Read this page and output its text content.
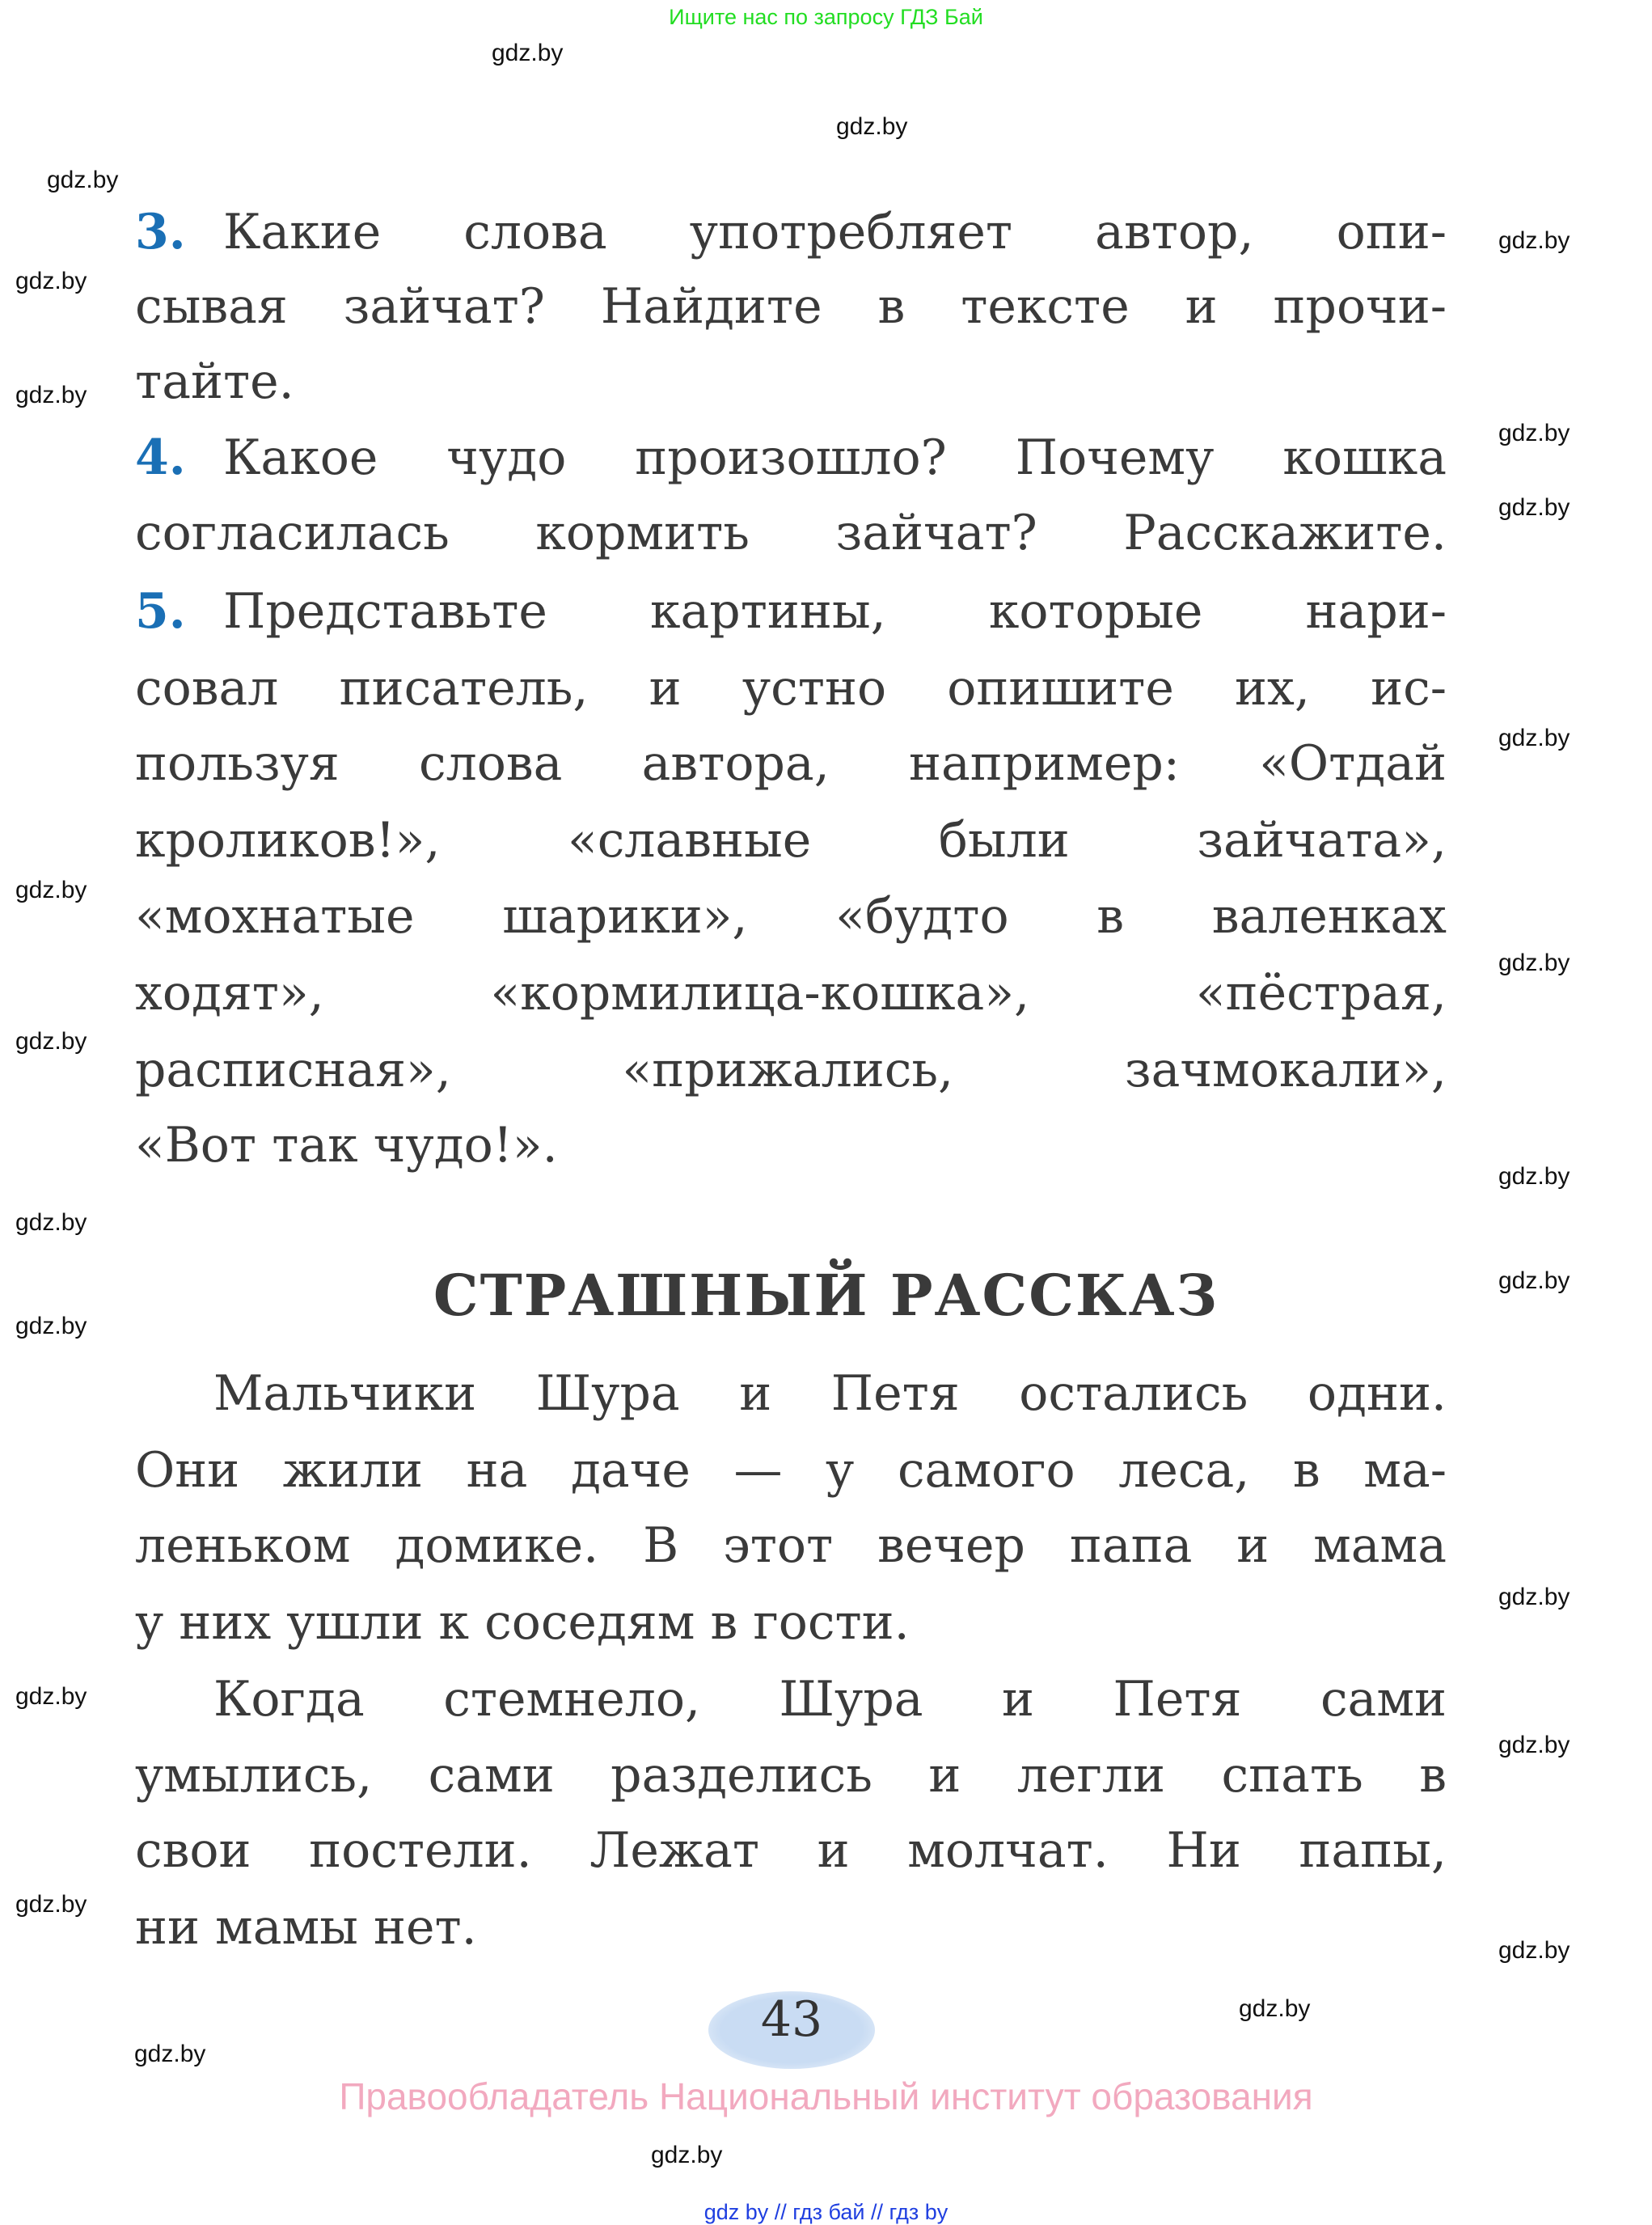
Ищите нас по запросу ГДЗ Бай
gdz.by
gdz.by
gdz.by
gdz.by
gdz.by
gdz.by
gdz.by
gdz.by
gdz.by
gdz.by
gdz.by
gdz.by
gdz.by
gdz.by
gdz.by
gdz.by
gdz.by
gdz.by
gdz.by
gdz.by
gdz.by
gdz.by
gdz.by
gdz.by
3. Какие слова употребляет автор, опи-
сывая зайчат? Найдите в тексте и прочи-
тайте.
4. Какое чудо произошло? Почему кошка
согласилась кормить зайчат? Расскажите.
5. Представьте картины, которые нари-
совал писатель, и устно опишите их, ис-
пользуя слова автора, например: «Отдай
кроликов!», «славные были зайчата»,
«мохнатые шарики», «будто в валенках
ходят», «кормилица-кошка», «пёстрая,
расписная», «прижались, зачмокали»,
«Вот так чудо!».
Мальчики Шура и Петя остались одни.
Они жили на даче — у самого леса, в ма-
леньком домике. В этот вечер папа и мама
у них ушли к соседям в гости.
Когда стемнело, Шура и Петя сами
умылись, сами разделись и легли спать в
свои постели. Лежат и молчат. Ни папы,
ни мамы нет.
СТРАШНЫЙ РАССКАЗ
43
Правообладатель Национальный институт образования
gdz by // гдз бай // гдз by
